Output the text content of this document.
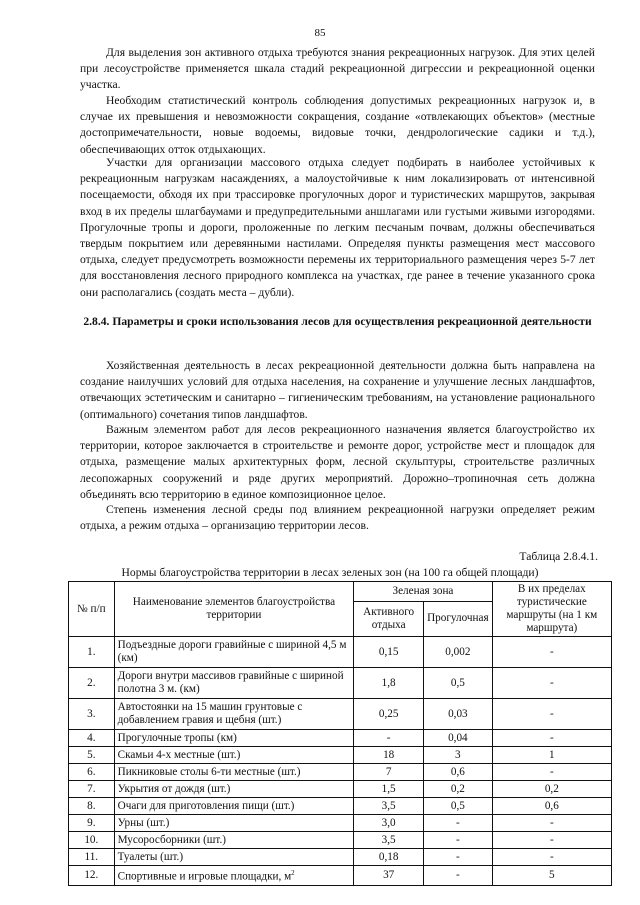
85

Для выделения зон активного отдыха требуются знания рекреационных нагрузок. Для этих целей при лесоустройстве применяется шкала стадий рекреационной дигрессии и рекреационной оценки участка.

Необходим статистический контроль соблюдения допустимых рекреационных нагрузок и, в случае их превышения и невозможности сокращения, создание «отвлекающих объектов» (местные достопримечательности, новые водоемы, видовые точки, дендрологические садики и т.д.), обеспечивающих отток отдыхающих.

Участки для организации массового отдыха следует подбирать в наиболее устойчивых к рекреационным нагрузкам насаждениях, а малоустойчивые к ним локализировать от интенсивной посещаемости, обходя их при трассировке прогулочных дорог и туристических маршрутов, закрывая вход в их пределы шлагбаумами и предупредительными аншлагами или густыми живыми изгородями. Прогулочные тропы и дороги, проложенные по легким песчаным почвам, должны обеспечиваться твердым покрытием или деревянными настилами. Определяя пункты размещения мест массового отдыха, следует предусмотреть возможности перемены их территориального размещения через 5-7 лет для восстановления лесного природного комплекса на участках, где ранее в течение указанного срока они располагались (создать места – дубли).

2.8.4. Параметры и сроки использования лесов для осуществления рекреационной деятельности

Хозяйственная деятельность в лесах рекреационной деятельности должна быть направлена на создание наилучших условий для отдыха населения, на сохранение и улучшение лесных ландшафтов, отвечающих эстетическим и санитарно – гигиеническим требованиям, на установление рационального (оптимального) сочетания типов ландшафтов.

Важным элементом работ для лесов рекреационного назначения является благоустройство их территории, которое заключается в строительстве и ремонте дорог, устройстве мест и площадок для отдыха, размещение малых архитектурных форм, лесной скульптуры, строительстве различных лесопожарных сооружений и ряде других мероприятий. Дорожно–тропиночная сеть должна объединять всю территорию в единое композиционное целое.

Степень изменения лесной среды под влиянием рекреационной нагрузки определяет режим отдыха, а режим отдыха – организацию территории лесов.

Таблица 2.8.4.1.
Нормы благоустройства территории в лесах зеленых зон (на 100 га общей площади)
№ п/п	Наименование элементов благоустройства территории	Зеленая зона		В их пределах туристические маршруты (на 1 км маршрута)
		Активного отдыха	Прогулочная	
1.	Подъездные дороги гравийные с шириной 4,5 м (км)	0,15	0,002	-
2.	Дороги внутри массивов гравийные с шириной полотна 3 м. (км)	1,8	0,5	-
3.	Автостоянки на 15 машин грунтовые с добавлением гравия и щебня (шт.)	0,25	0,03	-
4.	Прогулочные тропы (км)	-	0,04	-
5.	Скамьи 4-х местные (шт.)	18	3	1
6.	Пикниковые столы 6-ти местные (шт.)	7	0,6	-
7.	Укрытия от дождя (шт.)	1,5	0,2	0,2
8.	Очаги для приготовления пищи (шт.)	3,5	0,5	0,6
9.	Урны (шт.)	3,0	-	-
10.	Мусоросборники (шт.)	3,5	-	-
11.	Туалеты (шт.)	0,18	-	-
12.	Спортивные и игровые площадки, $м^2$	37	-	5
